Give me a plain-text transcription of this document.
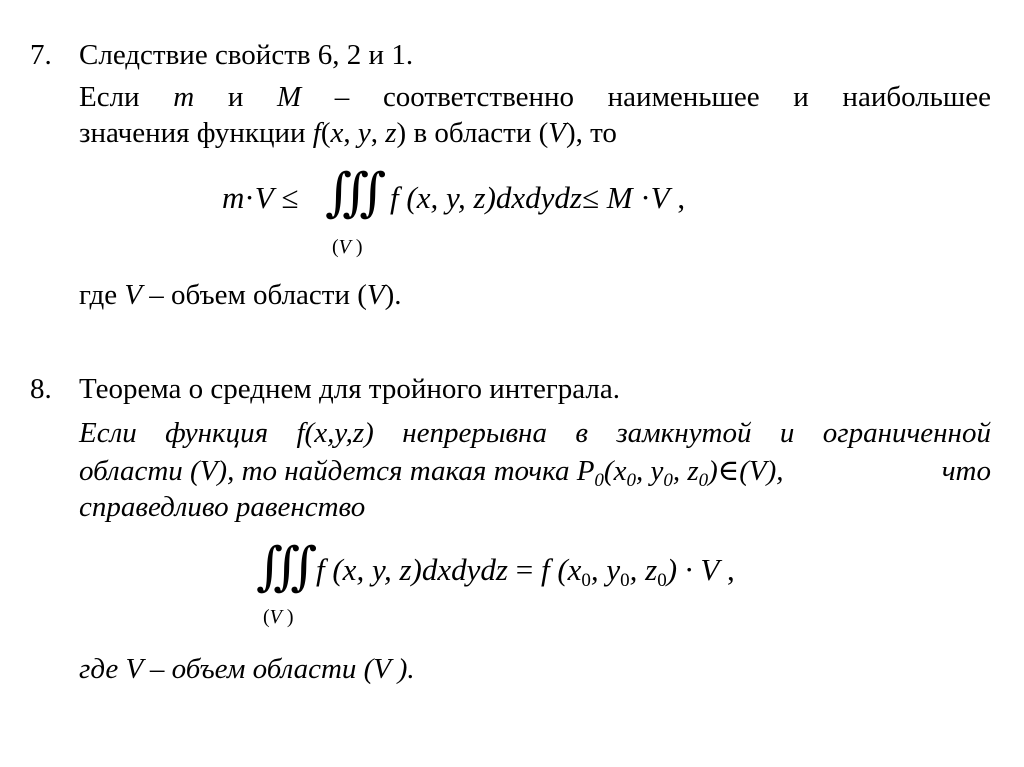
7. Следствие свойств 6, 2 и 1.
Если m и M – соответственно наименьшее и наибольшее
значения функции f(x, y, z) в области (V), то
m·V ≤ ∭ f (x, y, z)dxdydz≤ M ·V ,
(V )
где V – объем области (V).
8. Теорема о среднем для тройного интеграла.
Если функция f(x,y,z) непрерывна в замкнутой и ограниченной
области (V), то найдется такая точка $P_0(x_0$, $y_0$, $z_0)\in(V)$,	что
справедливо равенство
∭ f (x, y, z)dxdydz = f ($x_0$, $y_0$, $z_0) \cdot V$ ,
(V )
где V – объем области (V ).
